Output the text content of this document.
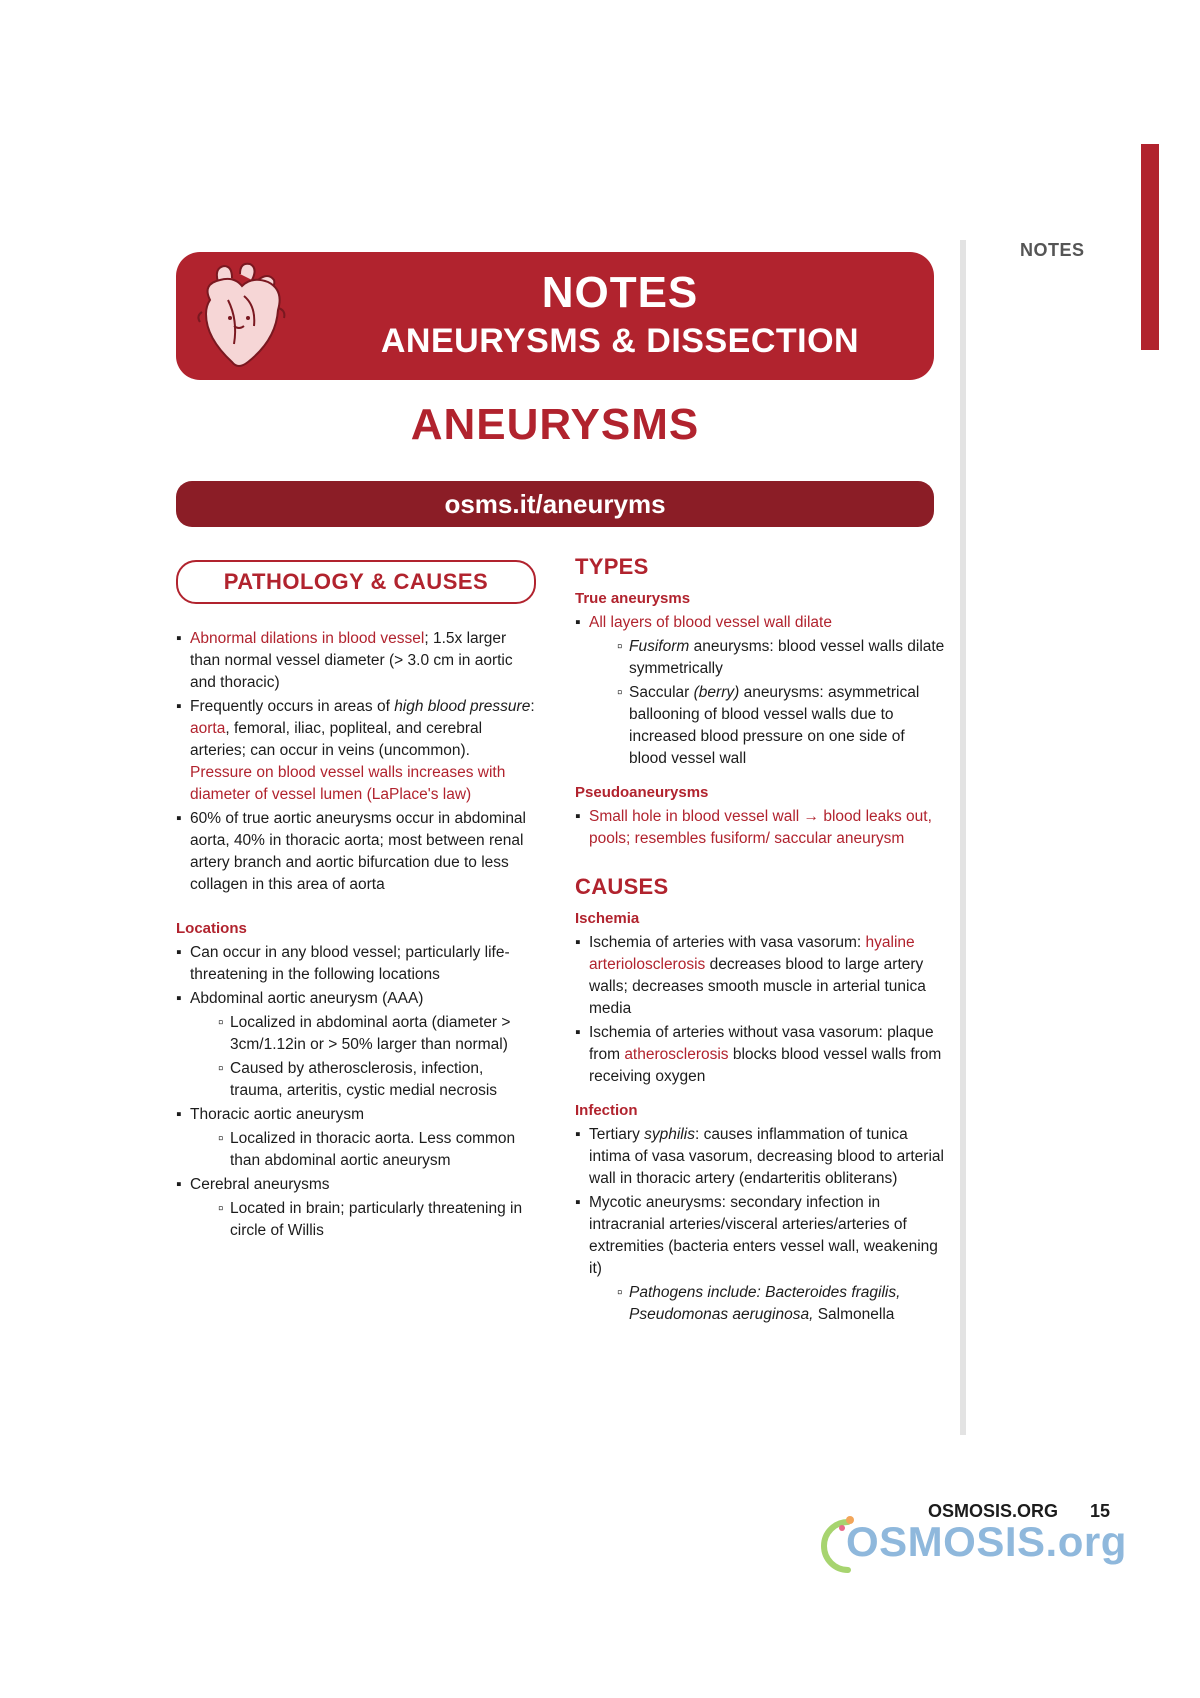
NOTES
NOTES
ANEURYSMS & DISSECTION
ANEURYSMS
osms.it/aneuryms
PATHOLOGY & CAUSES
▪ Abnormal dilations in blood vessel; 1.5x larger than normal vessel diameter (> 3.0 cm in aortic and thoracic)
▪ Frequently occurs in areas of high blood pressure: aorta, femoral, iliac, popliteal, and cerebral arteries; can occur in veins (uncommon). Pressure on blood vessel walls increases with diameter of vessel lumen (LaPlace's law)
▪ 60% of true aortic aneurysms occur in abdominal aorta, 40% in thoracic aorta; most between renal artery branch and aortic bifurcation due to less collagen in this area of aorta
Locations
▪ Can occur in any blood vessel; particularly life-threatening in the following locations
▪ Abdominal aortic aneurysm (AAA)
▫ Localized in abdominal aorta (diameter > 3cm/1.12in or > 50% larger than normal)
▫ Caused by atherosclerosis, infection, trauma, arteritis, cystic medial necrosis
▪ Thoracic aortic aneurysm
▫ Localized in thoracic aorta. Less common than abdominal aortic aneurysm
▪ Cerebral aneurysms
▫ Located in brain; particularly threatening in circle of Willis
TYPES
True aneurysms
▪ All layers of blood vessel wall dilate
▫ Fusiform aneurysms: blood vessel walls dilate symmetrically
▫ Saccular (berry) aneurysms: asymmetrical ballooning of blood vessel walls due to increased blood pressure on one side of blood vessel wall
Pseudoaneurysms
▪ Small hole in blood vessel wall → blood leaks out, pools; resembles fusiform/ saccular aneurysm
CAUSES
Ischemia
▪ Ischemia of arteries with vasa vasorum: hyaline arteriolosclerosis decreases blood to large artery walls; decreases smooth muscle in arterial tunica media
▪ Ischemia of arteries without vasa vasorum: plaque from atherosclerosis blocks blood vessel walls from receiving oxygen
Infection
▪ Tertiary syphilis: causes inflammation of tunica intima of vasa vasorum, decreasing blood to arterial wall in thoracic artery (endarteritis obliterans)
▪ Mycotic aneurysms: secondary infection in intracranial arteries/visceral arteries/arteries of extremities (bacteria enters vessel wall, weakening it)
▫ Pathogens include: Bacteroides fragilis, Pseudomonas aeruginosa, Salmonella
OSMOSIS.ORG 15
OSMOSIS.org
